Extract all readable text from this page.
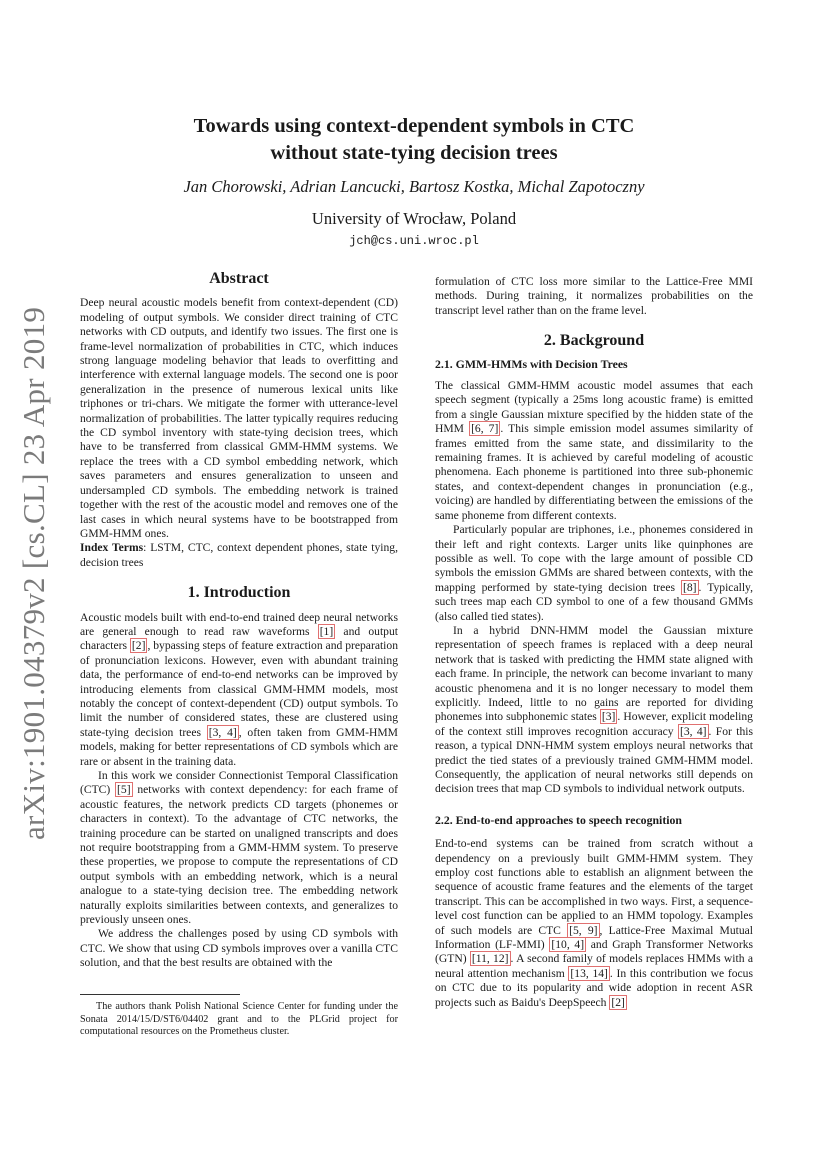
arXiv:1901.04379v2 [cs.CL] 23 Apr 2019
Towards using context-dependent symbols in CTC
without state-tying decision trees
Jan Chorowski, Adrian Lancucki, Bartosz Kostka, Michal Zapotoczny
University of Wrocław, Poland
jch@cs.uni.wroc.pl
Abstract

Deep neural acoustic models benefit from context-dependent (CD) modeling of output symbols. We consider direct training of CTC networks with CD outputs, and identify two issues. The first one is frame-level normalization of probabilities in CTC, which induces strong language modeling behavior that leads to overfitting and interference with external language models. The second one is poor generalization in the presence of numerous lexical units like triphones or tri-chars. We mitigate the former with utterance-level normalization of probabilities. The latter typically requires reducing the CD symbol inventory with state-tying decision trees, which have to be transferred from classical GMM-HMM systems. We replace the trees with a CD symbol embedding network, which saves parameters and ensures generalization to unseen and undersampled CD symbols. The embedding network is trained together with the rest of the acoustic model and removes one of the last cases in which neural systems have to be bootstrapped from GMM-HMM ones.

Index Terms: LSTM, CTC, context dependent phones, state tying, decision trees

1. Introduction

Acoustic models built with end-to-end trained deep neural networks are general enough to read raw waveforms [1] and output characters [2] , bypassing steps of feature extraction and preparation of pronunciation lexicons. However, even with abundant training data, the performance of end-to-end networks can be improved by introducing elements from classical GMM-HMM models, most notably the concept of context-dependent (CD) output symbols. To limit the number of considered states, these are clustered using state-tying decision trees [3, 4] , often taken from GMM-HMM models, making for better representations of CD symbols which are rare or absent in the training data.

In this work we consider Connectionist Temporal Classification (CTC) [5] networks with context dependency: for each frame of acoustic features, the network predicts CD targets (phonemes or characters in context). To the advantage of CTC networks, the training procedure can be started on unaligned transcripts and does not require bootstrapping from a GMM-HMM system. To preserve these properties, we propose to compute the representations of CD output symbols with an embedding network, which is a neural analogue to a state-tying decision tree. The embedding network naturally exploits similarities between contexts, and generalizes to previously unseen ones.

We address the challenges posed by using CD symbols with CTC. We show that using CD symbols improves over a vanilla CTC solution, and that the best results are obtained with the

The authors thank Polish National Science Center for funding under the Sonata 2014/15/D/ST6/04402 grant and to the PLGrid project for computational resources on the Prometheus cluster.

formulation of CTC loss more similar to the Lattice-Free MMI methods. During training, it normalizes probabilities on the transcript level rather than on the frame level.

2. Background
2.1. GMM-HMMs with Decision Trees

The classical GMM-HMM acoustic model assumes that each speech segment (typically a 25ms long acoustic frame) is emitted from a single Gaussian mixture specified by the hidden state of the HMM [6, 7] . This simple emission model assumes similarity of frames emitted from the same state, and dissimilarity to the remaining frames. It is achieved by careful modeling of acoustic phenomena. Each phoneme is partitioned into three sub-phonemic states, and context-dependent changes in pronunciation (e.g., voicing) are handled by differentiating between the emissions of the same phoneme from different contexts.

Particularly popular are triphones, i.e., phonemes considered in their left and right contexts. Larger units like quinphones are possible as well. To cope with the large amount of possible CD symbols the emission GMMs are shared between contexts, with the mapping performed by state-tying decision trees [8] . Typically, such trees map each CD symbol to one of a few thousand GMMs (also called tied states).

In a hybrid DNN-HMM model the Gaussian mixture representation of speech frames is replaced with a deep neural network that is tasked with predicting the HMM state aligned with each frame. In principle, the network can become invariant to many acoustic phenomena and it is no longer necessary to model them explicitly. Indeed, little to no gains are reported for dividing phonemes into subphonemic states [3] . However, explicit modeling of the context still improves recognition accuracy [3, 4] . For this reason, a typical DNN-HMM system employs neural networks that predict the tied states of a previously trained GMM-HMM model. Consequently, the application of neural networks still depends on decision trees that map CD symbols to individual network outputs.

2.2. End-to-end approaches to speech recognition

End-to-end systems can be trained from scratch without a dependency on a previously built GMM-HMM system. They employ cost functions able to establish an alignment between the sequence of acoustic frame features and the elements of the target transcript. This can be accomplished in two ways. First, a sequence-level cost function can be applied to an HMM topology. Examples of such models are CTC [5, 9] , Lattice-Free Maximal Mutual Information (LF-MMI) [10, 4] and Graph Transformer Networks (GTN) [11, 12] . A second family of models replaces HMMs with a neural attention mechanism [13, 14] . In this contribution we focus on CTC due to its popularity and wide adoption in recent ASR projects such as Baidu's DeepSpeech [2]
